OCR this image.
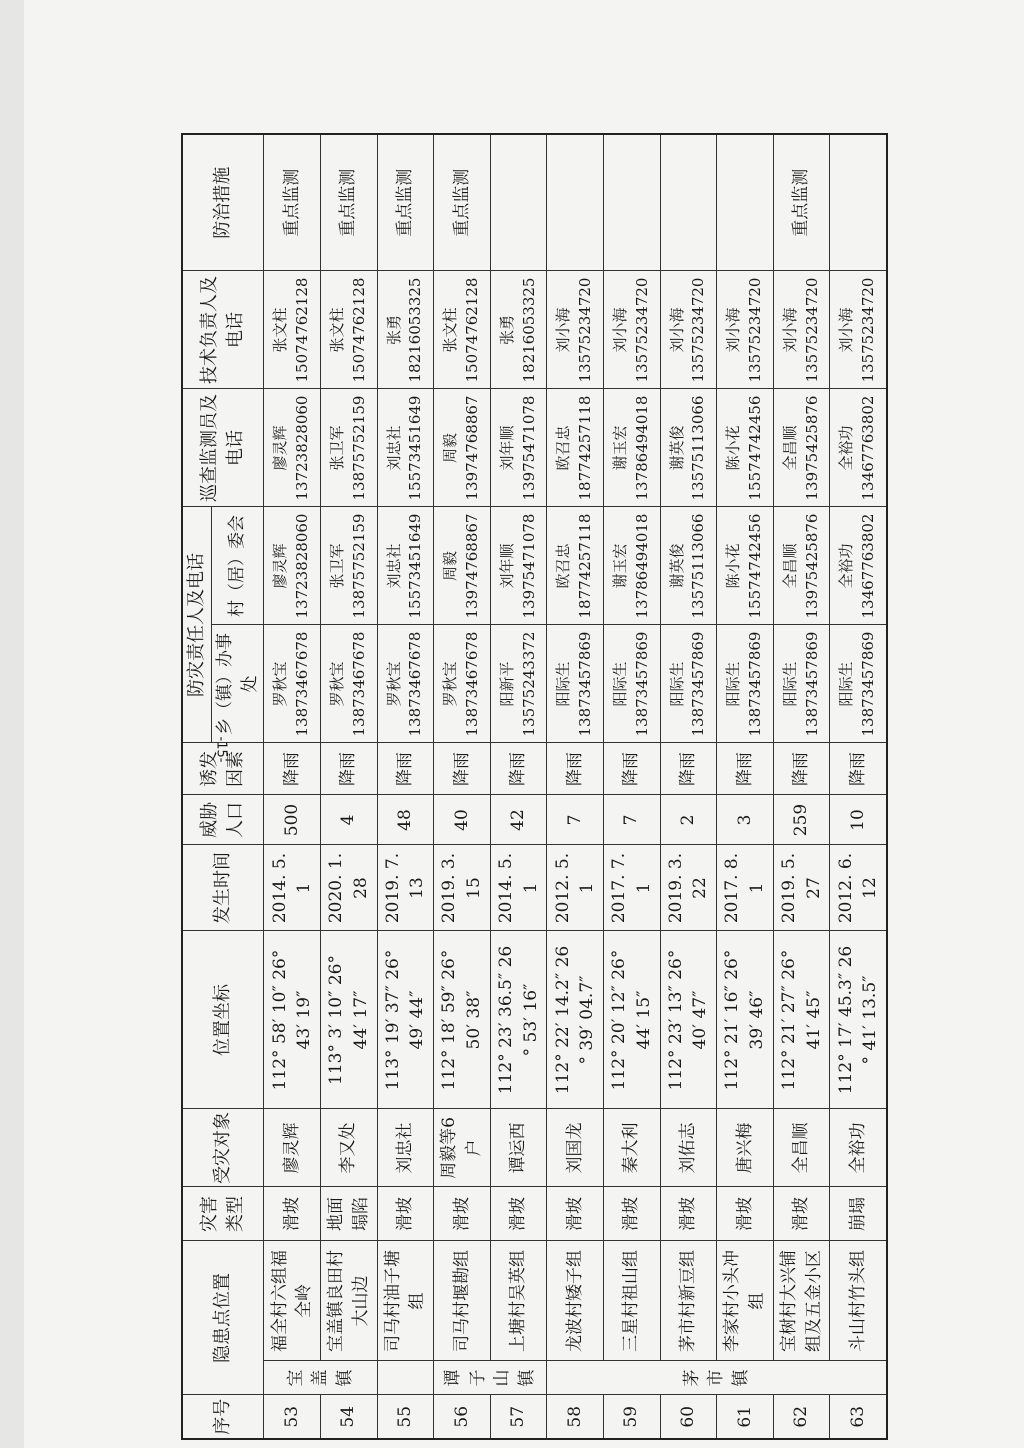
序号	隐患点位置		灾害类型	受灾对象	位置坐标	发生时间	威胁人口	诱发因素	防灾责任人及电话		巡查监测员及电话	技术负责人及电话	防治措施
									乡（镇）办事处	村（居）委会			
53	宝盖镇	福全村六组福全岭	滑坡	廖灵辉	112° 58′ 10″ 26° 43′ 19″	2014. 5. 1	500	降雨	罗秋宝 13873467678	廖灵辉 13723828060	廖灵辉 13723828060	张文柱 15074762128	重点监测
54		宝盖镇良田村大山边	地面塌陷	李又处	113° 3′ 10″ 26° 44′ 17″	2020. 1. 28	4	降雨	罗秋宝 13873467678	张卫军 13875752159	张卫军 13875752159	张文柱 15074762128	重点监测
55		司马村油子塘组	滑坡	刘忠社	113° 19′ 37″ 26° 49′ 44″	2019. 7. 13	48	降雨	罗秋宝 13873467678	刘忠社 15573451649	刘忠社 15573451649	张勇 18216053325	重点监测
56	谭子山镇	司马村堰勘组	滑坡	周毅等6户	112° 18′ 59″ 26° 50′ 38″	2019. 3. 15	40	降雨	罗秋宝 13873467678	周毅 13974768867	周毅 13974768867	张文柱 15074762128	重点监测
57		上塘村吴英组	滑坡	谭运西	112° 23′ 36.5″ 26 ° 53′ 16″	2014. 5. 1	42	降雨	阳新平 13575243372	刘年顺 13975471078	刘年顺 13975471078	张勇 18216053325	

58	茅市镇	龙波村矮子组	滑坡	刘国龙	112° 22′ 14.2″ 26 ° 39′ 04.7″	2012. 5. 1	7	降雨	阳际生 13873457869	欧召忠 18774257118	欧召忠 18774257118	刘小海 13575234720	

59		三星村祖山组	滑坡	秦大利	112° 20′ 12″ 26° 44′ 15″	2017. 7. 1	7	降雨	阳际生 13873457869	谢玉宏 13786494018	谢玉宏 13786494018	刘小海 13575234720	

60		茅市村新豆组	滑坡	刘佑志	112° 23′ 13″ 26° 40′ 47″	2019. 3. 22	2	降雨	阳际生 13873457869	谢英俊 13575113066	谢英俊 13575113066	刘小海 13575234720	

61		李家村小头冲组	滑坡	唐兴梅	112° 21′ 16″ 26° 39′ 46″	2017. 8. 1	3	降雨	阳际生 13873457869	陈小花 15574742456	陈小花 15574742456	刘小海 13575234720	

62		宝树村大兴铺组及五金小区	滑坡	全昌顺	112° 21′ 27″ 26° 41′ 45″	2019. 5. 27	259	降雨	阳际生 13873457869	全昌顺 13975425876	全昌顺 13975425876	刘小海 13575234720	重点监测
63		斗山村竹头组	崩塌	全裕功	112° 17′ 45.3″ 26 ° 41′ 13.5″	2012. 6. 12	10	降雨	阳际生 13873457869	全裕功 13467763802	全裕功 13467763802	刘小海 13575234720	

-15-
